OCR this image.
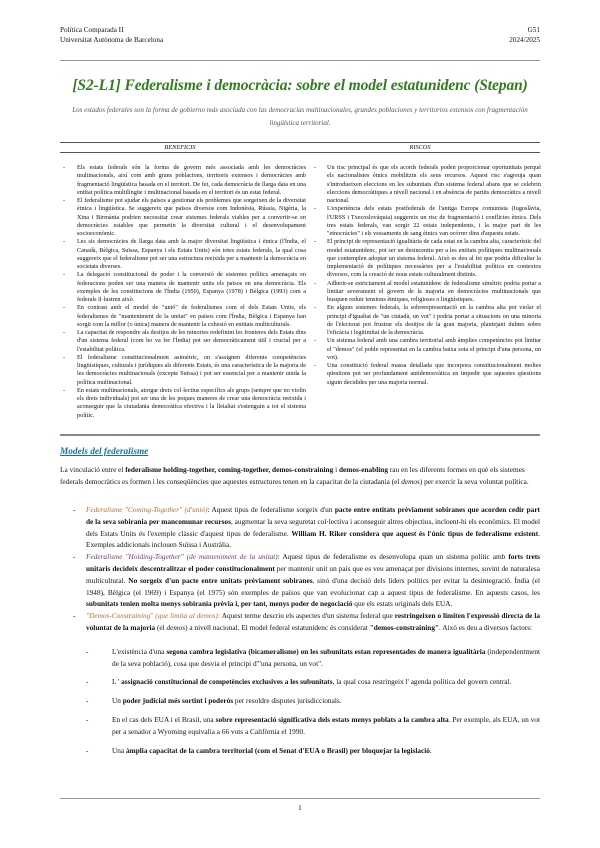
Política Comparada II
Universitat Autònoma de Barcelona
G51
2024/2025
[S2-L1] Federalisme i democràcia: sobre el model estatunidenc (Stepan)
Los estados federales son la forma de gobierno más asociada con las democracias multinacionales, grandes poblaciones y territorios extensos con fragmentación lingüística territorial.
BENEFICIS	RISCOS
- Els estats federals són la forma de govern més associada amb les democràcies multinacionals, així com amb grans poblacions, territoris extensos i democràcies amb fragmentació lingüística basada en el territori. De fet, cada democràcia de llarga data en una entitat política multilingüe i multinacional basada en el territori és un estat federal.
- El federalisme pot ajudar els països a gestionar els problemes que sorgeixen de la diversitat ètnica i lingüística. Se suggereix que països diversos com Indonèsia, Rússia, Nigèria, la Xina i Birmània podrien necessitar crear sistemes federals viables per a convertir-se en democràcies estables que permetin la diversitat cultural i el desenvolupament socioeconòmic.
- Les sis democràcies de llarga data amb la major diversitat lingüística i ètnica (l'Índia, el Canadà, Bèlgica, Suïssa, Espanya i els Estats Units) són totes estats federals, la qual cosa suggereix que el federalisme pot ser una estructura reeixida per a mantenir la democràcia en societats diverses.
- La delegació constitucional de poder i la conversió de sistemes polítics amenaçats en federacions poden ser una manera de mantenir units els països en una democràcia. Els exemples de les constitucions de l'Índia (1950), Espanya (1978) i Bèlgica (1993) com a federals il·lustren això.
- En contrast amb el model de "unió" de federalismes com el dels Estats Units, els federalismes de "manteniment de la unitat" en països com l'Índia, Bèlgica i Espanya han sorgit com la millor (o única) manera de mantenir la cohesió en entitats multiculturals.
- La capacitat de respondre als desitjos de les minories redefinint les fronteres dels Estats dins d'un sistema federal (com ho va fer l'Índia) pot ser democràticament útil i crucial per a l'estabilitat política.
- El federalisme constitucionalment asimètric, on s'assignen diferents competències lingüístiques, culturals i jurídiques als diferents Estats, és una característica de la majoria de les democràcies multinacionals (excepte Suïssa) i pot ser essencial per a mantenir unida la política multinacional.
- En estats multinacionals, atorgar drets col·lectius específics als grups (sempre que no violin els drets individuals) pot ser una de les poques maneres de crear una democràcia reeixida i aconseguir que la ciutadania democràtica efectiva i la lleialtat s'estenguin a tot el sistema polític.
- Un risc principal és que els acords federals poden proporcionar oportunitats perquè els nacionalistes ètnics mobilitzin els seus recursos. Aquest risc s'agreuja quan s'introdueixen eleccions en les subunitats d'un sistema federal abans que se celebrin eleccions democràtiques a nivell nacional i en absència de partits democràtics a nivell nacional.
- L'experiència dels estats postfederals de l'antiga Europa comunista (Iugoslàvia, l'URSS i Txecoslovàquia) suggereix un risc de fragmentació i conflictes ètnics. Dels tres estats federals, van sorgir 22 estats independents, i la major part de les "etnocràcies" i els vessaments de sang ètnics van ocórrer dins d'aquests estats.
- El principi de representació igualitària de cada estat en la cambra alta, característic del model estatunidenc, pot ser un desincentiu per a les entitats polítiques multinacionals que contemplen adoptar un sistema federal. Això es deu al fet que podria dificultar la implementació de polítiques necessàries per a l'estabilitat política en contextos diversos, com la creació de nous estats culturalment distints.
- Adherir-se estrictament al model estatunidenc de federalisme simètric podria portar a limitar severament el govern de la majoria en democràcies multinacionals que busquen reduir tensions ètniques, religioses o lingüístiques.
- En alguns sistemes federals, la sobrerepresentació en la cambra alta pot violar el principi d'igualtat de "un ciutadà, un vot" i podria portar a situacions on una minoria de l'electorat pot frustrar els desitjos de la gran majoria, plantejant dubtes sobre l'eficàcia i legitimitat de la democràcia.
- Un sistema federal amb una cambra territorial amb àmplies competències pot limitar el "demos" (el poble representat en la cambra baixa sota el principi d'una persona, un vot).
- Una constitució federal massa detallada que incorpora constitucionalment moltes qüestions pot ser profundament antidemocràtica en impedir que aquestes qüestions siguin decidides per una majoria normal.
Models del federalisme
La vinculació entre el federalisme holding-together, coming-together, demos-constraining i demos-enabling rau en les diferents formes en què els sistemes federals democràtics es formen i les conseqüències que aquestes estructures tenen en la capacitat de la ciutadania (el demos) per exercir la seva voluntat política.
- Federalisme "Coming-Together" (d'unió): Aquest tipus de federalisme sorgeix d'un pacte entre entitats prèviament sobiranes que acorden cedir part de la seva sobirania per mancomunar recursos, augmentar la seva seguretat col·lectiva i aconseguir altres objectius, incloent-hi els econòmics. El model dels Estats Units és l'exemple clàssic d'aquest tipus de federalisme. William H. Riker considera que aquest és l'únic tipus de federalisme existent. Exemples addicionals inclouen Suïssa i Austràlia.
- Federalisme "Holding-Together" (de manteniment de la unitat): Aquest tipus de federalisme es desenvolupa quan un sistema polític amb forts trets unitaris decideix descentralitzar el poder constitucionalment per mantenir unit un país que es veu amenaçat per divisions internes, sovint de naturalesa multicultural. No sorgeix d'un pacte entre unitats prèviament sobiranes, sinó d'una decisió dels líders polítics per evitar la desintegració. Índia (el 1948), Bèlgica (el 1969) i Espanya (el 1975) són exemples de països que van evolucionar cap a aquest tipus de federalisme. En aquests casos, les subunitats tenien molta menys sobirania prèvia i, per tant, menys poder de negociació que els estats originals dels EUA.
- "Demos-Constraining" (que limita al demos): Aquest terme descriu els aspectes d'un sistema federal que restringeixen o limiten l'expressió directa de la voluntat de la majoria (el demos) a nivell nacional. El model federal estatunidenc és considerat "demos-constraining". Això es deu a diversos factors:
- L'existència d'una segona cambra legislativa (bicameralisme) on les subunitats estan representades de manera igualitària (independentment de la seva població), cosa que desvia el principi d'"una persona, un vot".
- L ' assignació constitucional de competències exclusives a les subunitats, la qual cosa restringeix l' agenda política del govern central.
- Un poder judicial més sortint i poderós per resoldre disputes jurisdiccionals.
- En el cas dels EUA i el Brasil, una sobre representació significativa dels estats menys poblats a la cambra alta. Per exemple, als EUA, un vot per a senador a Wyoming equivalia a 66 vots a Califòrnia el 1990.
- Una àmplia capacitat de la cambra territorial (com el Senat d'EUA o Brasil) per bloquejar la legislació.
1
